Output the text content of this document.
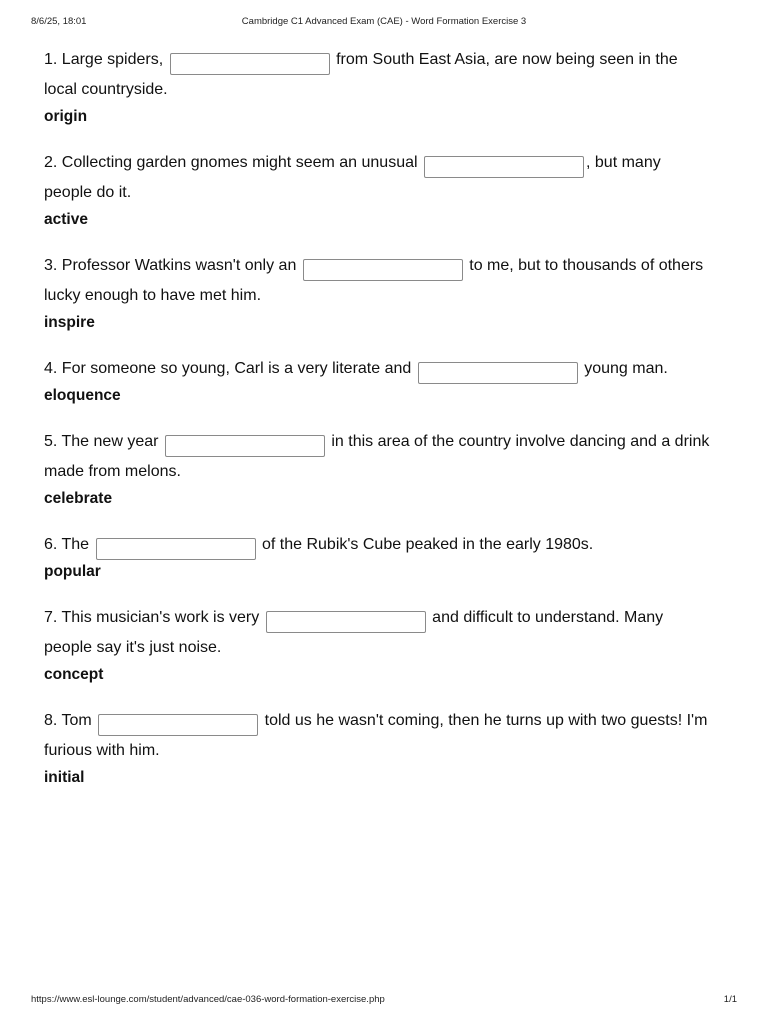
8/6/25, 18:01	Cambridge C1 Advanced Exam (CAE) - Word Formation Exercise 3

1. Large spiders,	from South East Asia, are now being seen in the local countryside.

origin

2. Collecting garden gnomes might seem an unusual	, but many people do it.

active

3. Professor Watkins wasn't only an	to me, but to thousands of others lucky enough to have met him.

inspire

4. For someone so young, Carl is a very literate and	young man.

eloquence

5. The new year	in this area of the country involve dancing and a drink made from melons.

celebrate

6. The	of the Rubik's Cube peaked in the early 1980s.

popular

7. This musician's work is very	and difficult to understand. Many people say it's just noise.

concept

8. Tom	told us he wasn't coming, then he turns up with two guests! I'm furious with him.

initial
https://www.esl-lounge.com/student/advanced/cae-036-word-formation-exercise.php	1/1
